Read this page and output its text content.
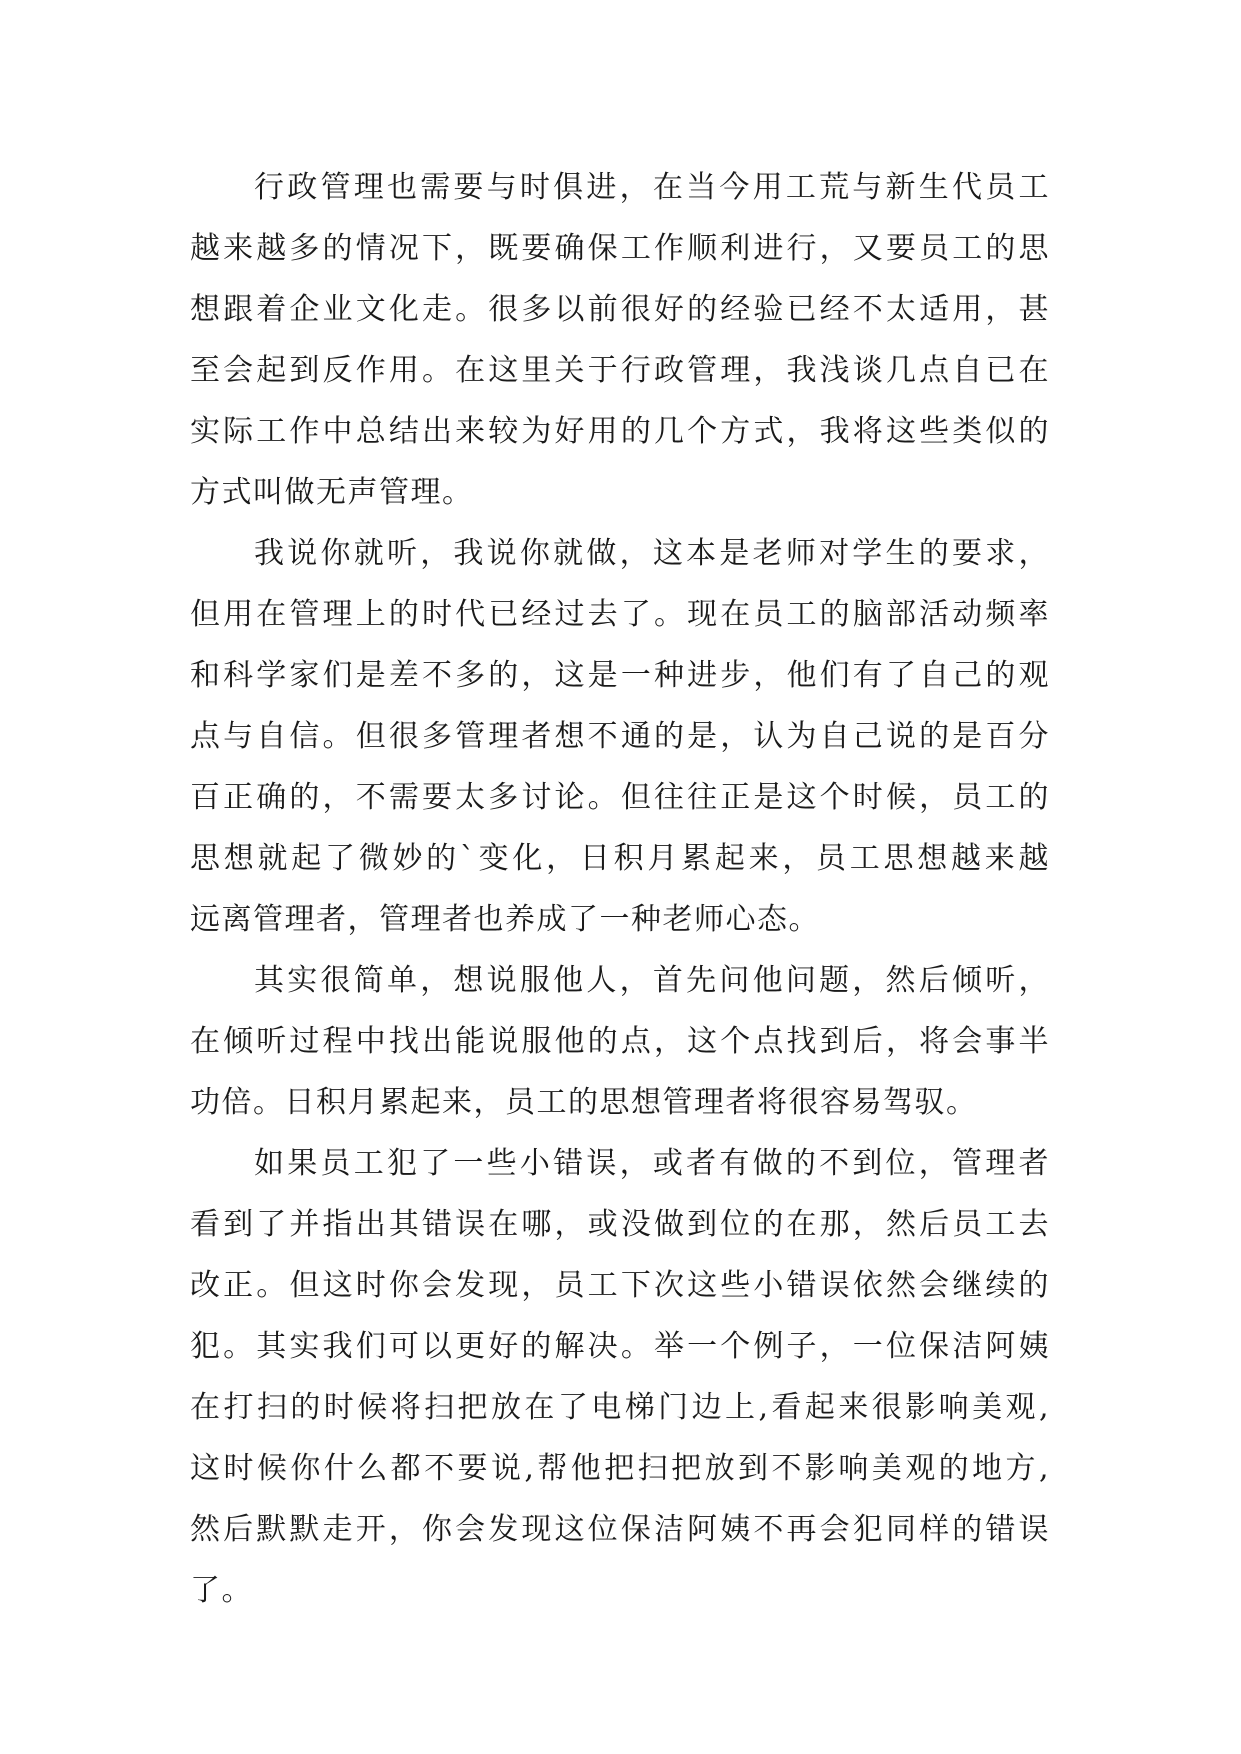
行政管理也需要与时俱进，在当今用工荒与新生代员工
越来越多的情况下，既要确保工作顺利进行，又要员工的思
想跟着企业文化走。很多以前很好的经验已经不太适用，甚
至会起到反作用。在这里关于行政管理，我浅谈几点自已在
实际工作中总结出来较为好用的几个方式，我将这些类似的
方式叫做无声管理。
我说你就听，我说你就做，这本是老师对学生的要求，
但用在管理上的时代已经过去了。现在员工的脑部活动频率
和科学家们是差不多的，这是一种进步，他们有了自己的观
点与自信。但很多管理者想不通的是，认为自己说的是百分
百正确的，不需要太多讨论。但往往正是这个时候，员工的
思想就起了微妙的`变化，日积月累起来，员工思想越来越
远离管理者，管理者也养成了一种老师心态。
其实很简单，想说服他人，首先问他问题，然后倾听，
在倾听过程中找出能说服他的点，这个点找到后，将会事半
功倍。日积月累起来，员工的思想管理者将很容易驾驭。
如果员工犯了一些小错误，或者有做的不到位，管理者
看到了并指出其错误在哪，或没做到位的在那，然后员工去
改正。但这时你会发现，员工下次这些小错误依然会继续的
犯。其实我们可以更好的解决。举一个例子，一位保洁阿姨
在打扫的时候将扫把放在了电梯门边上,看起来很影响美观,
这时候你什么都不要说,帮他把扫把放到不影响美观的地方,
然后默默走开，你会发现这位保洁阿姨不再会犯同样的错误
了。
